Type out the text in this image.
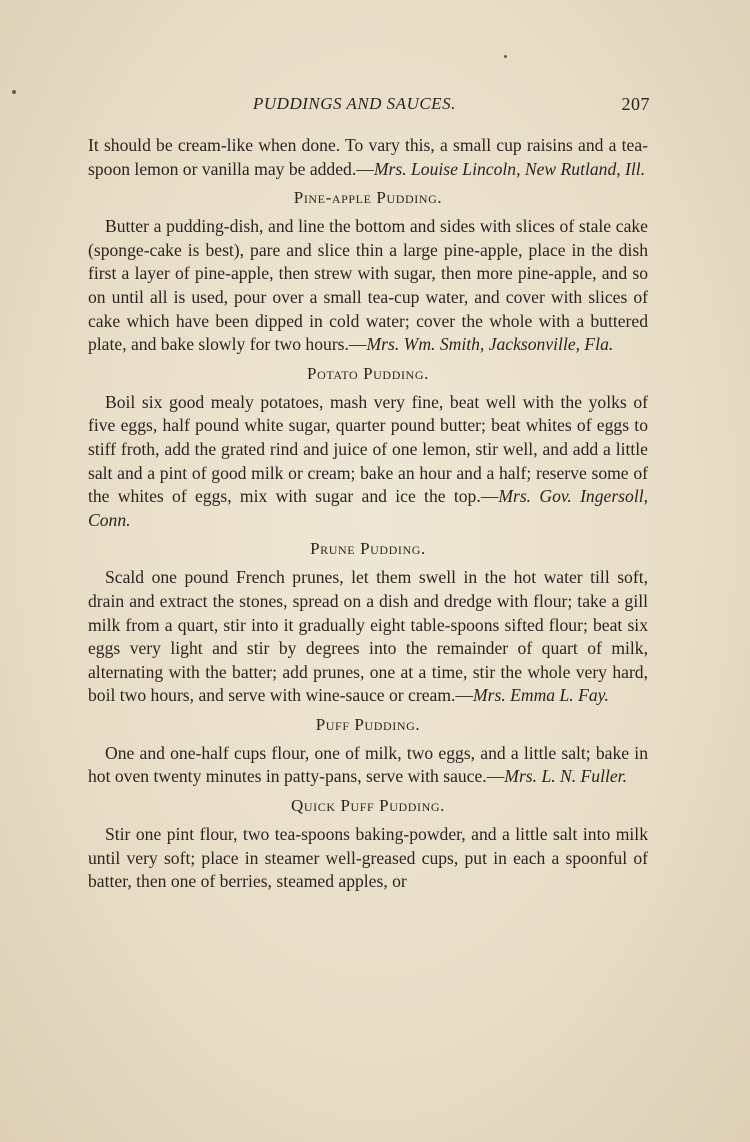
PUDDINGS AND SAUCES.	207

It should be cream-like when done. To vary this, a small cup raisins and a tea-spoon lemon or vanilla may be added.—Mrs. Louise Lincoln, New Rutland, Ill.

Pine-apple Pudding.

Butter a pudding-dish, and line the bottom and sides with slices of stale cake (sponge-cake is best), pare and slice thin a large pine-apple, place in the dish first a layer of pine-apple, then strew with sugar, then more pine-apple, and so on until all is used, pour over a small tea-cup water, and cover with slices of cake which have been dipped in cold water; cover the whole with a buttered plate, and bake slowly for two hours.—Mrs. Wm. Smith, Jacksonville, Fla.

Potato Pudding.

Boil six good mealy potatoes, mash very fine, beat well with the yolks of five eggs, half pound white sugar, quarter pound butter; beat whites of eggs to stiff froth, add the grated rind and juice of one lemon, stir well, and add a little salt and a pint of good milk or cream; bake an hour and a half; reserve some of the whites of eggs, mix with sugar and ice the top.—Mrs. Gov. Ingersoll, Conn.

Prune Pudding.

Scald one pound French prunes, let them swell in the hot water till soft, drain and extract the stones, spread on a dish and dredge with flour; take a gill milk from a quart, stir into it gradually eight table-spoons sifted flour; beat six eggs very light and stir by degrees into the remainder of quart of milk, alternating with the batter; add prunes, one at a time, stir the whole very hard, boil two hours, and serve with wine-sauce or cream.—Mrs. Emma L. Fay.

Puff Pudding.

One and one-half cups flour, one of milk, two eggs, and a little salt; bake in hot oven twenty minutes in patty-pans, serve with sauce.—Mrs. L. N. Fuller.

Quick Puff Pudding.

Stir one pint flour, two tea-spoons baking-powder, and a little salt into milk until very soft; place in steamer well-greased cups, put in each a spoonful of batter, then one of berries, steamed apples, or
